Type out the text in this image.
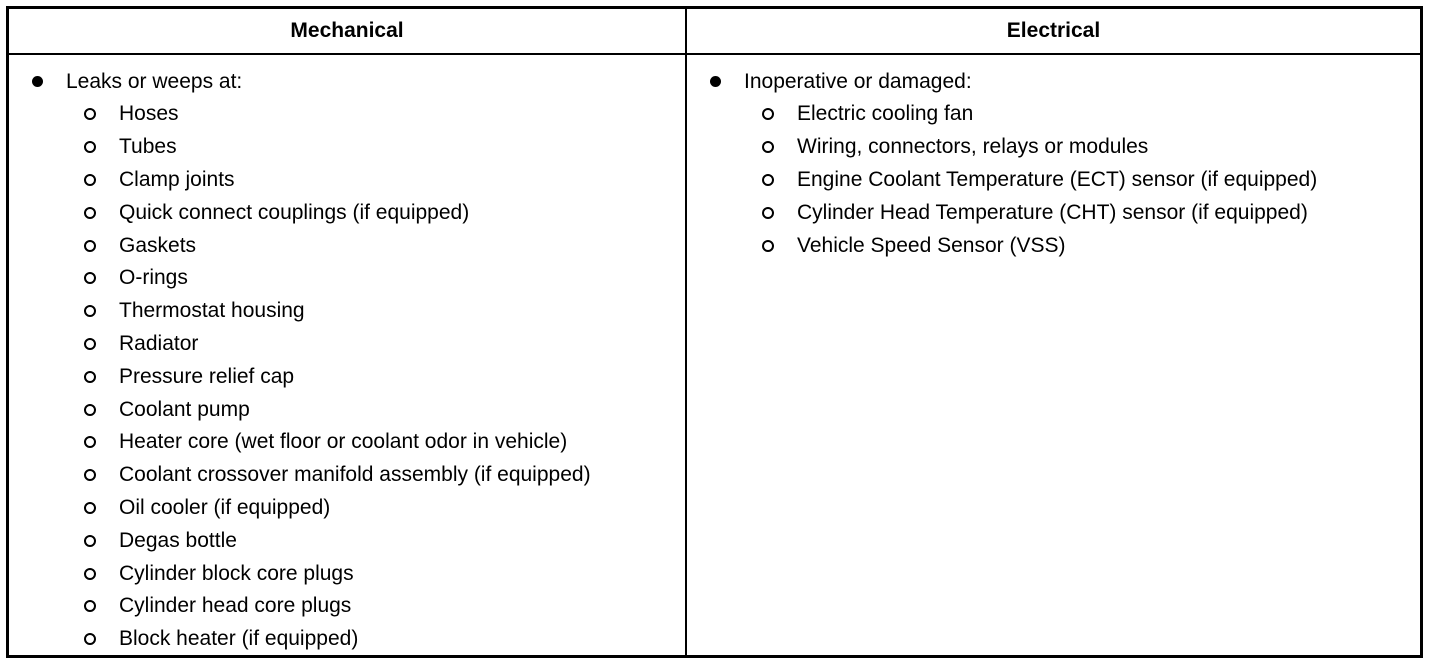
Mechanical	Electrical
Leaks or weeps at:
Hoses
Tubes
Clamp joints
Quick connect couplings (if equipped)
Gaskets
O-rings
Thermostat housing
Radiator
Pressure relief cap
Coolant pump
Heater core (wet floor or coolant odor in vehicle)
Coolant crossover manifold assembly (if equipped)
Oil cooler (if equipped)
Degas bottle
Cylinder block core plugs
Cylinder head core plugs
Block heater (if equipped)
Inoperative or damaged:
Electric cooling fan
Wiring, connectors, relays or modules
Engine Coolant Temperature (ECT) sensor (if equipped)
Cylinder Head Temperature (CHT) sensor (if equipped)
Vehicle Speed Sensor (VSS)
